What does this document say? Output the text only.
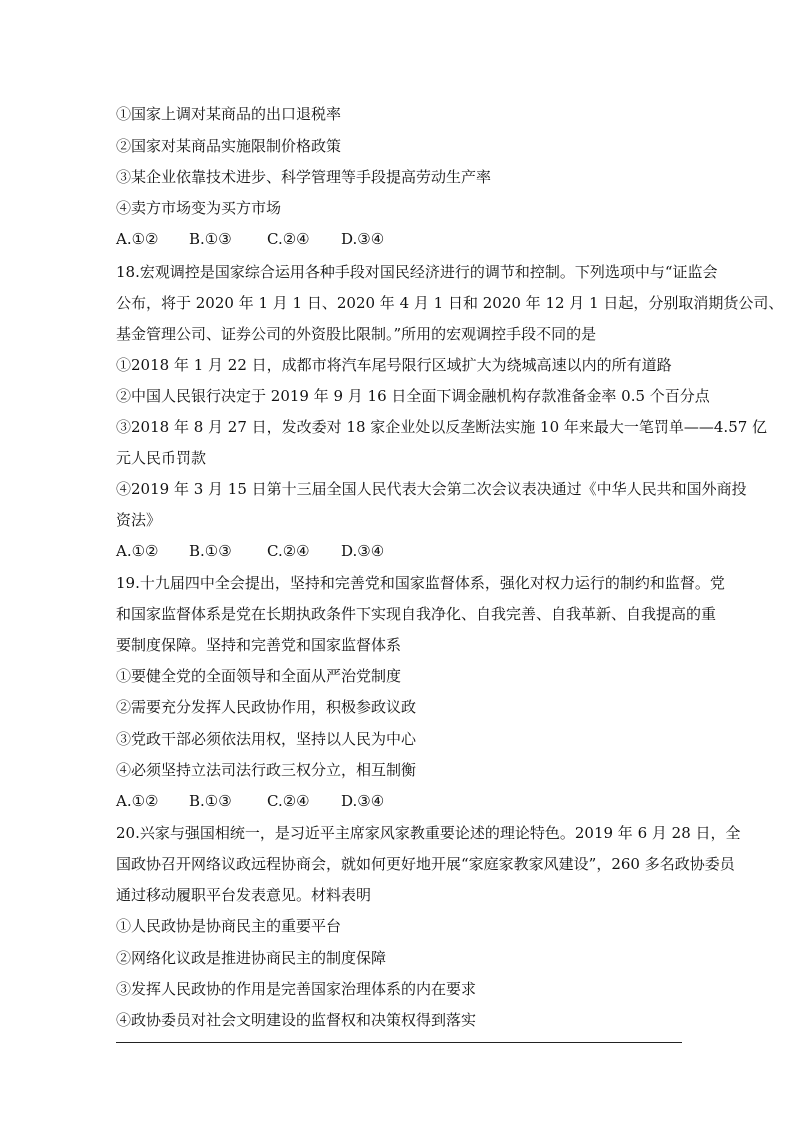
①国家上调对某商品的出口退税率
②国家对某商品实施限制价格政策
③某企业依靠技术进步、科学管理等手段提高劳动生产率
④卖方市场变为买方市场
A.①② B.①③ C.②④ D.③④
18.宏观调控是国家综合运用各种手段对国民经济进行的调节和控制。下列选项中与“证监会
公布，将于 2020 年 1 月 1 日、2020 年 4 月 1 日和 2020 年 12 月 1 日起，分别取消期货公司、
基金管理公司、证券公司的外资股比限制。”所用的宏观调控手段不同的是
①2018 年 1 月 22 日，成都市将汽车尾号限行区域扩大为绕城高速以内的所有道路
②中国人民银行决定于 2019 年 9 月 16 日全面下调金融机构存款准备金率 0.5 个百分点
③2018 年 8 月 27 日，发改委对 18 家企业处以反垄断法实施 10 年来最大一笔罚单——4.57 亿
元人民币罚款
④2019 年 3 月 15 日第十三届全国人民代表大会第二次会议表决通过《中华人民共和国外商投
资法》
A.①② B.①③ C.②④ D.③④
19.十九届四中全会提出，坚持和完善党和国家监督体系，强化对权力运行的制约和监督。党
和国家监督体系是党在长期执政条件下实现自我净化、自我完善、自我革新、自我提高的重
要制度保障。坚持和完善党和国家监督体系
①要健全党的全面领导和全面从严治党制度
②需要充分发挥人民政协作用，积极参政议政
③党政干部必须依法用权，坚持以人民为中心
④必须坚持立法司法行政三权分立，相互制衡
A.①② B.①③ C.②④ D.③④
20.兴家与强国相统一，是习近平主席家风家教重要论述的理论特色。2019 年 6 月 28 日，全
国政协召开网络议政远程协商会，就如何更好地开展“家庭家教家风建设”，260 多名政协委员
通过移动履职平台发表意见。材料表明
①人民政协是协商民主的重要平台
②网络化议政是推进协商民主的制度保障
③发挥人民政协的作用是完善国家治理体系的内在要求
④政协委员对社会文明建设的监督权和决策权得到落实
